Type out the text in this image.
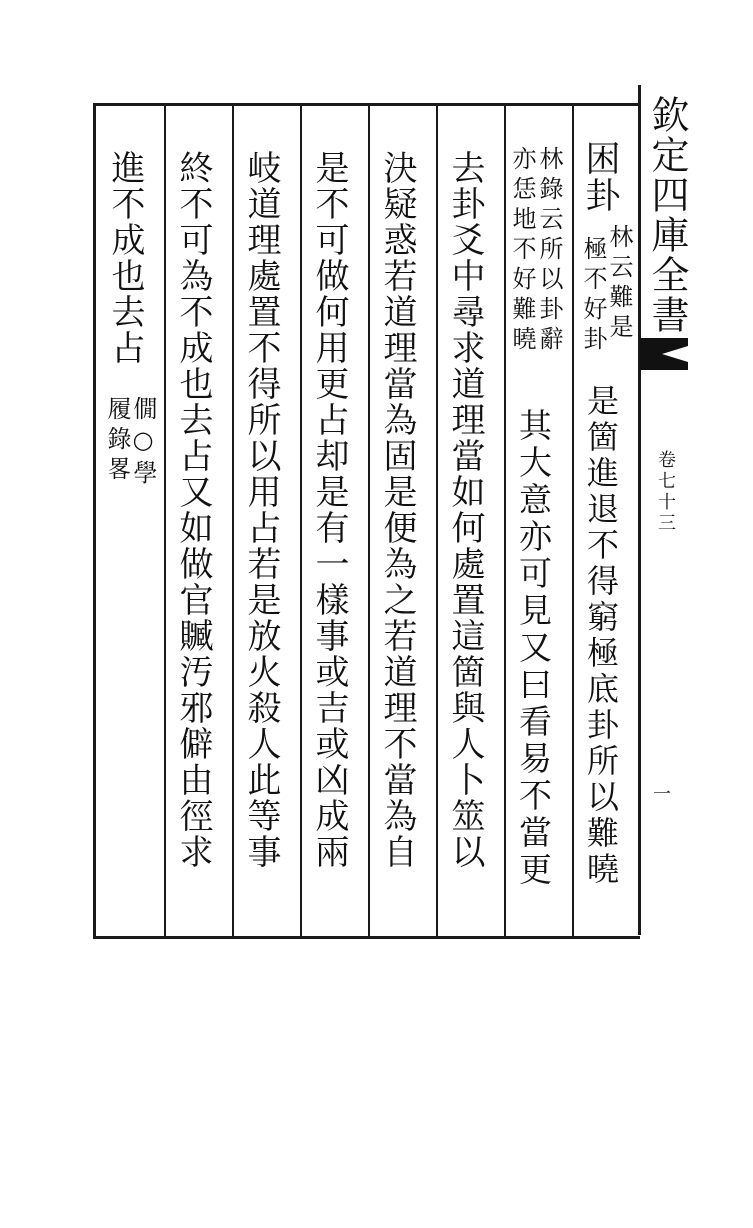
困卦
林云難是
極不好卦
是箇進退不得窮極底卦所以難曉
林錄云所以卦辭
亦恁地不好難曉
其大意亦可見又曰看易不當更
去卦爻中尋求道理當如何處置這箇與人卜筮以
決疑惑若道理當為固是便為之若道理不當為自
是不可做何用更占却是有一樣事或吉或凶成兩
岐道理處置不得所以用占若是放火殺人此等事
終不可為不成也去占又如做官贓汚邪僻由徑求
進不成也去占
僩○學
履錄畧
欽定四庫全書
卷七十三
一
